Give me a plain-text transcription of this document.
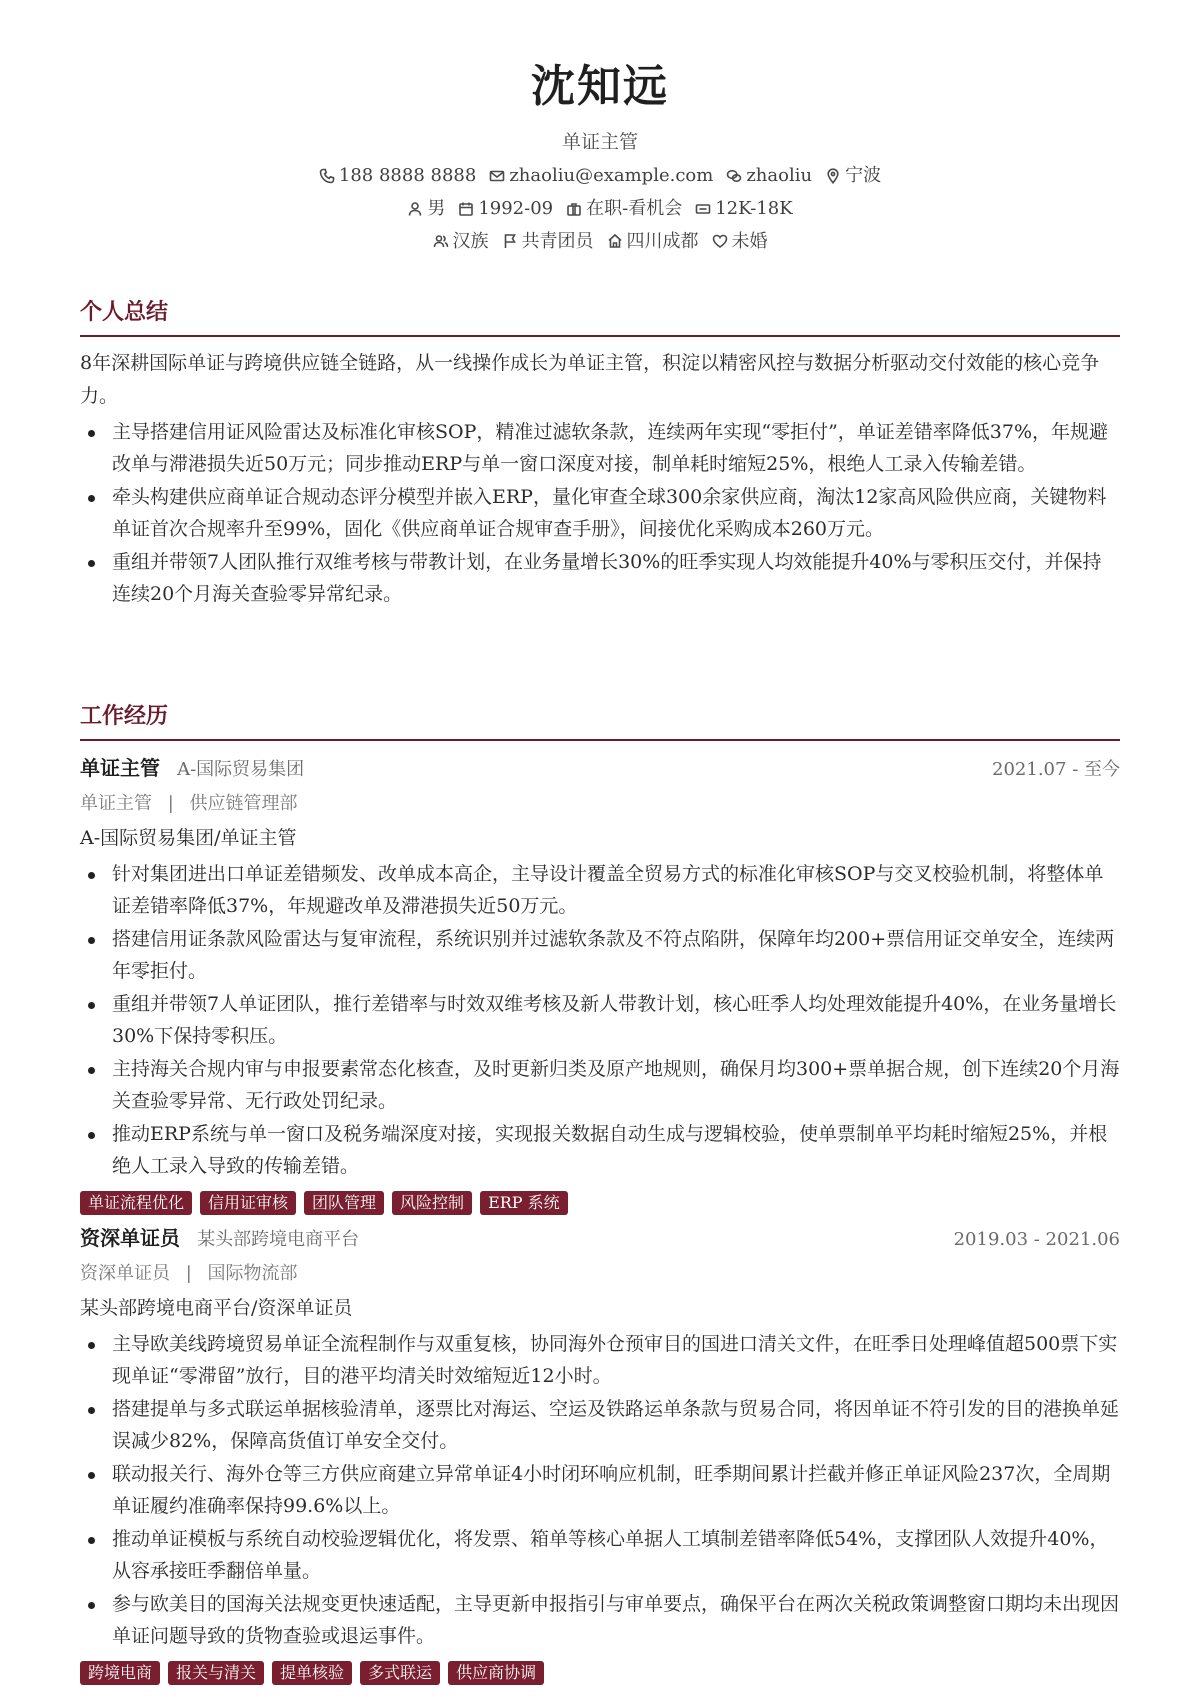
沈知远
单证主管
188 8888 8888 zhaoliu@example.com zhaoliu 宁波
男 1992-09 在职-看机会 12K-18K
汉族 共青团员 四川成都 未婚
个人总结
8年深耕国际单证与跨境供应链全链路，从一线操作成长为单证主管，积淀以精密风控与数据分析驱动交付效能的核心竞争力。
主导搭建信用证风险雷达及标准化审核SOP，精准过滤软条款，连续两年实现“零拒付”，单证差错率降低37%，年规避改单与滞港损失近50万元；同步推动ERP与单一窗口深度对接，制单耗时缩短25%，根绝人工录入传输差错。
牵头构建供应商单证合规动态评分模型并嵌入ERP，量化审查全球300余家供应商，淘汰12家高风险供应商，关键物料单证首次合规率升至99%，固化《供应商单证合规审查手册》，间接优化采购成本260万元。
重组并带领7人团队推行双维考核与带教计划，在业务量增长30%的旺季实现人均效能提升40%与零积压交付，并保持连续20个月海关查验零异常纪录。
工作经历
单证主管 A-国际贸易集团	2021.07 - 至今
单证主管 | 供应链管理部
A-国际贸易集团/单证主管
针对集团进出口单证差错频发、改单成本高企，主导设计覆盖全贸易方式的标准化审核SOP与交叉校验机制，将整体单证差错率降低37%，年规避改单及滞港损失近50万元。
搭建信用证条款风险雷达与复审流程，系统识别并过滤软条款及不符点陷阱，保障年均200+票信用证交单安全，连续两年零拒付。
重组并带领7人单证团队，推行差错率与时效双维考核及新人带教计划，核心旺季人均处理效能提升40%，在业务量增长30%下保持零积压。
主持海关合规内审与申报要素常态化核查，及时更新归类及原产地规则，确保月均300+票单据合规，创下连续20个月海关查验零异常、无行政处罚纪录。
推动ERP系统与单一窗口及税务端深度对接，实现报关数据自动生成与逻辑校验，使单票制单平均耗时缩短25%，并根绝人工录入导致的传输差错。
单证流程优化	信用证审核	团队管理	风险控制	ERP 系统
资深单证员 某头部跨境电商平台	2019.03 - 2021.06
资深单证员 | 国际物流部
某头部跨境电商平台/资深单证员
主导欧美线跨境贸易单证全流程制作与双重复核，协同海外仓预审目的国进口清关文件，在旺季日处理峰值超500票下实现单证“零滞留”放行，目的港平均清关时效缩短近12小时。
搭建提单与多式联运单据核验清单，逐票比对海运、空运及铁路运单条款与贸易合同，将因单证不符引发的目的港换单延误减少82%，保障高货值订单安全交付。
联动报关行、海外仓等三方供应商建立异常单证4小时闭环响应机制，旺季期间累计拦截并修正单证风险237次，全周期单证履约准确率保持99.6%以上。
推动单证模板与系统自动校验逻辑优化，将发票、箱单等核心单据人工填制差错率降低54%，支撑团队人效提升40%，从容承接旺季翻倍单量。
参与欧美目的国海关法规变更快速适配，主导更新申报指引与审单要点，确保平台在两次关税政策调整窗口期均未出现因单证问题导致的货物查验或退运事件。
跨境电商	报关与清关	提单核验	多式联运	供应商协调
